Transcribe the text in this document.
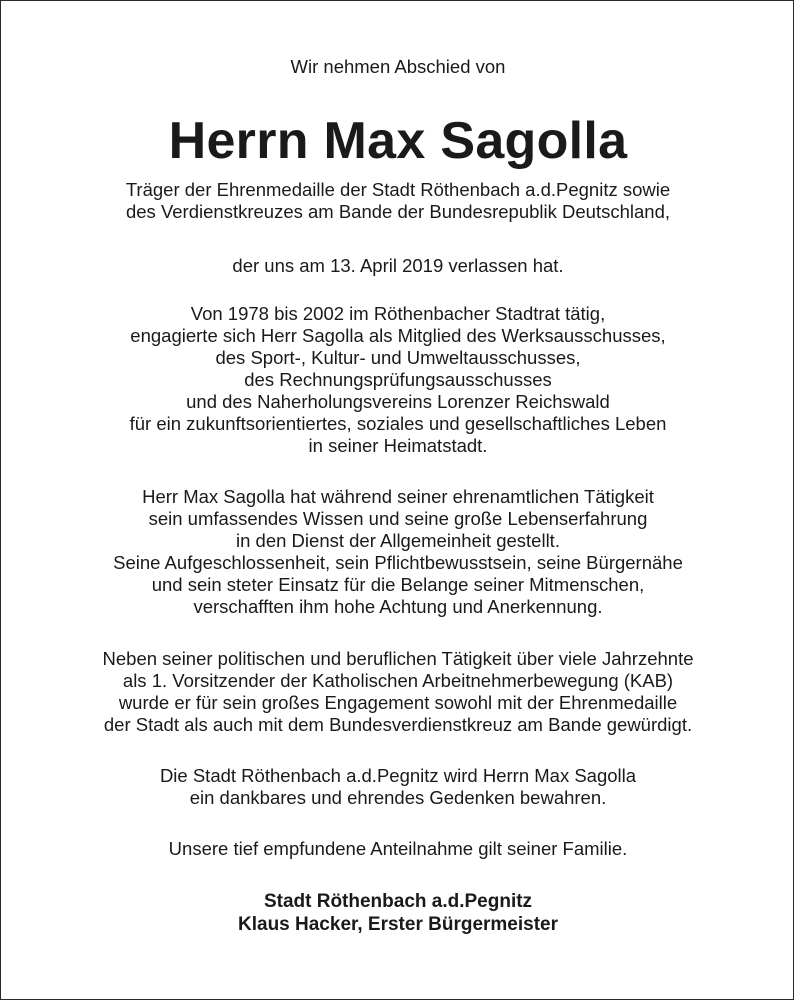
Wir nehmen Abschied von
Herrn Max Sagolla
Träger der Ehrenmedaille der Stadt Röthenbach a.d.Pegnitz sowie
des Verdienstkreuzes am Bande der Bundesrepublik Deutschland,
der uns am 13. April 2019 verlassen hat.
Von 1978 bis 2002 im Röthenbacher Stadtrat tätig,
engagierte sich Herr Sagolla als Mitglied des Werksausschusses,
des Sport-, Kultur- und Umweltausschusses,
des Rechnungsprüfungsausschusses
und des Naherholungsvereins Lorenzer Reichswald
für ein zukunftsorientiertes, soziales und gesellschaftliches Leben
in seiner Heimatstadt.
Herr Max Sagolla hat während seiner ehrenamtlichen Tätigkeit
sein umfassendes Wissen und seine große Lebenserfahrung
in den Dienst der Allgemeinheit gestellt.
Seine Aufgeschlossenheit, sein Pflichtbewusstsein, seine Bürgernähe
und sein steter Einsatz für die Belange seiner Mitmenschen,
verschafften ihm hohe Achtung und Anerkennung.
Neben seiner politischen und beruflichen Tätigkeit über viele Jahrzehnte
als 1. Vorsitzender der Katholischen Arbeitnehmerbewegung (KAB)
wurde er für sein großes Engagement sowohl mit der Ehrenmedaille
der Stadt als auch mit dem Bundesverdienstkreuz am Bande gewürdigt.
Die Stadt Röthenbach a.d.Pegnitz wird Herrn Max Sagolla
ein dankbares und ehrendes Gedenken bewahren.
Unsere tief empfundene Anteilnahme gilt seiner Familie.
Stadt Röthenbach a.d.Pegnitz
Klaus Hacker, Erster Bürgermeister
